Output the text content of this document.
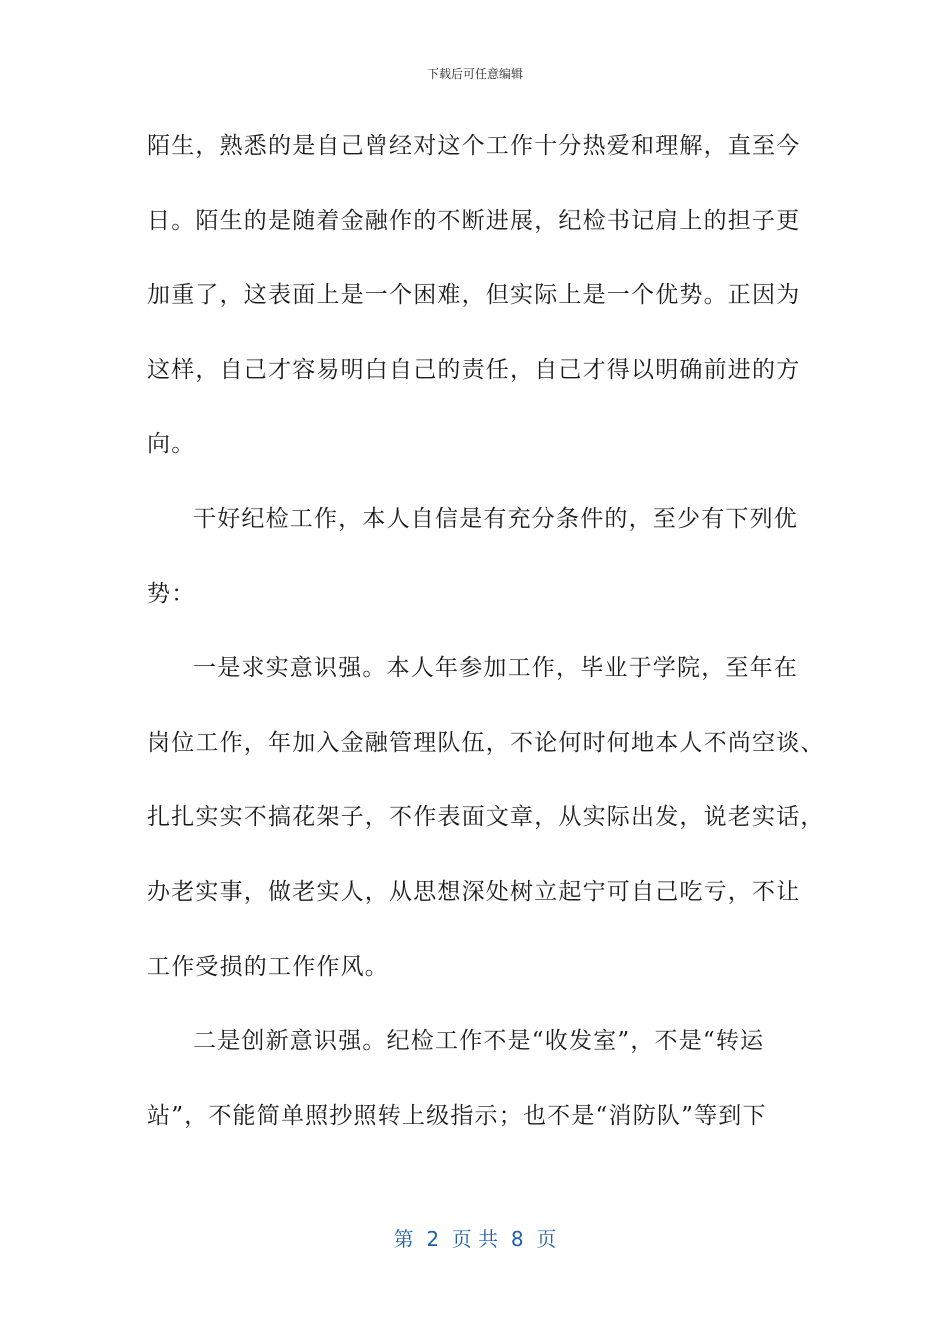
下载后可任意编辑
陌生，熟悉的是自己曾经对这个工作十分热爱和理解，直至今
日。陌生的是随着金融作的不断进展，纪检书记肩上的担子更
加重了，这表面上是一个困难，但实际上是一个优势。正因为
这样，自己才容易明白自己的责任，自己才得以明确前进的方
向。
干好纪检工作，本人自信是有充分条件的，至少有下列优
势：
一是求实意识强。本人年参加工作，毕业于学院，至年在
岗位工作，年加入金融管理队伍，不论何时何地本人不尚空谈、
扎扎实实不搞花架子，不作表面文章，从实际出发，说老实话，
办老实事，做老实人，从思想深处树立起宁可自己吃亏，不让
工作受损的工作作风。
二是创新意识强。纪检工作不是“收发室”，不是“转运
站”，不能简单照抄照转上级指示；也不是“消防队”等到下
第  2  页 共  8  页
